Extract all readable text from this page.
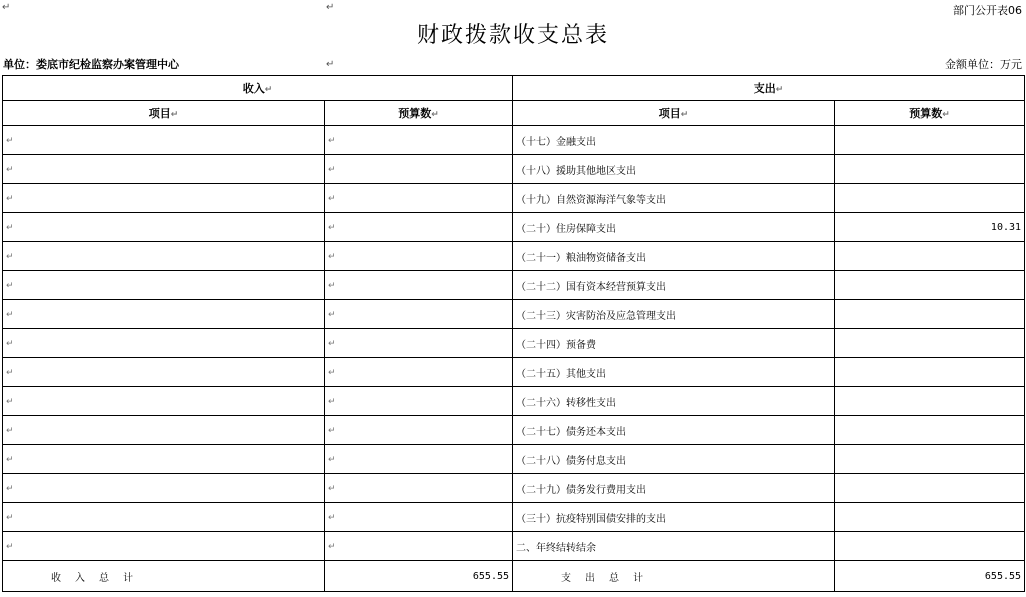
↵	↵	部门公开表06
财政拨款收支总表
单位：娄底市纪检监察办案管理中心	↵	金额单位：万元
收入↵		支出↵	
项目↵	预算数↵	项目↵	预算数↵
↵	↵	（十七）金融支出	
↵	↵	（十八）援助其他地区支出	
↵	↵	（十九）自然资源海洋气象等支出	
↵	↵	（二十）住房保障支出	10.31
↵	↵	（二十一）粮油物资储备支出	
↵	↵	（二十二）国有资本经营预算支出	
↵	↵	（二十三）灾害防治及应急管理支出	
↵	↵	（二十四）预备费	
↵	↵	（二十五）其他支出	
↵	↵	（二十六）转移性支出	
↵	↵	（二十七）债务还本支出	
↵	↵	（二十八）债务付息支出	
↵	↵	（二十九）债务发行费用支出	
↵	↵	（三十）抗疫特别国债安排的支出	
↵	↵	二、年终结转结余	
收入总计	655.55	支出总计	655.55
